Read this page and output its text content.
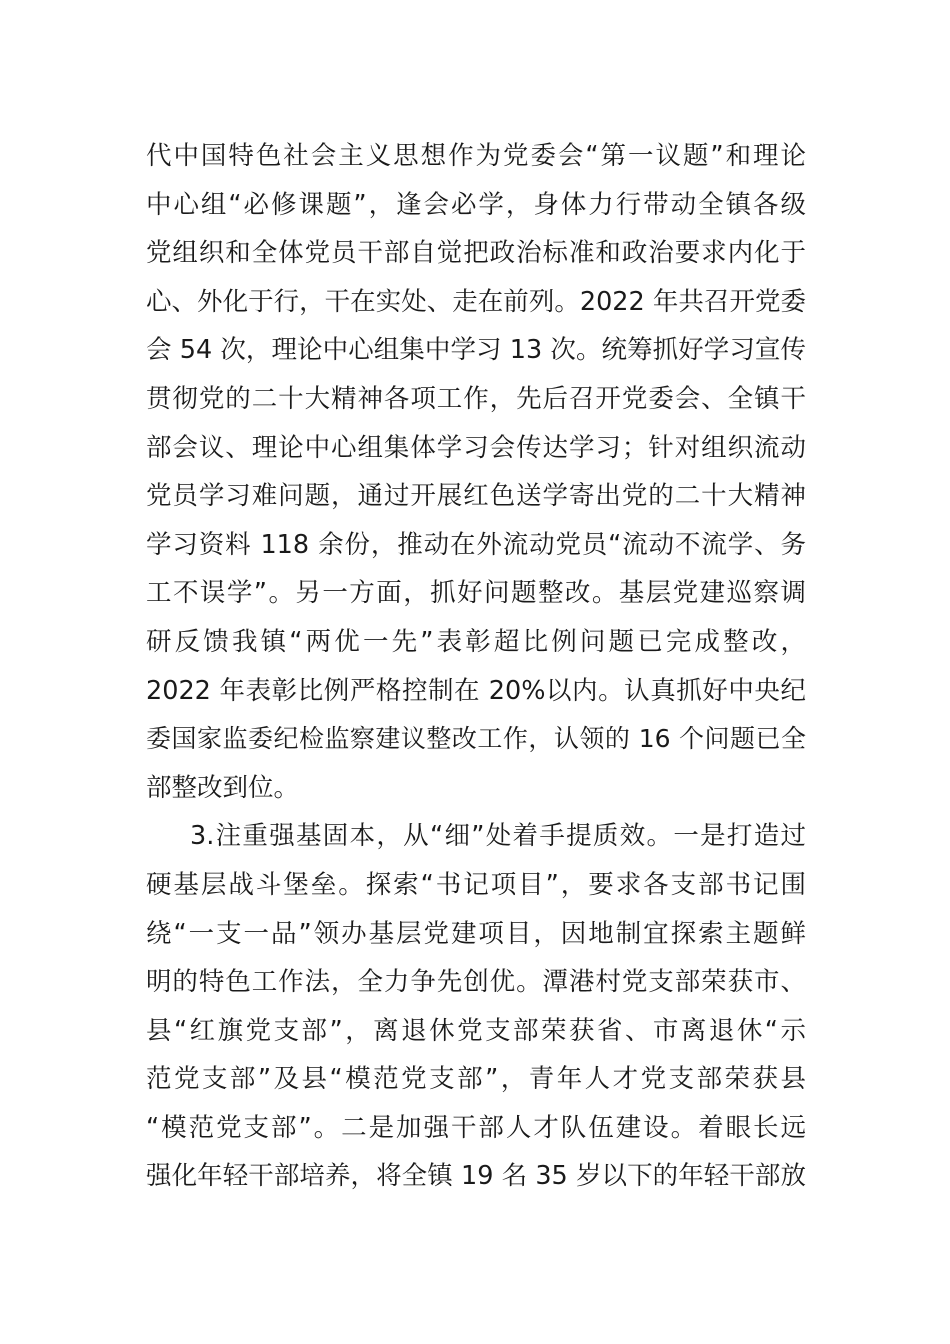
代中国特色社会主义思想作为党委会“第一议题”和理论
中心组“必修课题”，逢会必学，身体力行带动全镇各级
党组织和全体党员干部自觉把政治标准和政治要求内化于
心、外化于行，干在实处、走在前列。2022 年共召开党委
会 54 次，理论中心组集中学习 13 次。统筹抓好学习宣传
贯彻党的二十大精神各项工作，先后召开党委会、全镇干
部会议、理论中心组集体学习会传达学习；针对组织流动
党员学习难问题，通过开展红色送学寄出党的二十大精神
学习资料 118 余份，推动在外流动党员“流动不流学、务
工不误学”。另一方面，抓好问题整改。基层党建巡察调
研反馈我镇“两优一先”表彰超比例问题已完成整改，
2022 年表彰比例严格控制在 20%以内。认真抓好中央纪
委国家监委纪检监察建议整改工作，认领的 16 个问题已全
部整改到位。
3.注重强基固本，从“细”处着手提质效。一是打造过
硬基层战斗堡垒。探索“书记项目”，要求各支部书记围
绕“一支一品”领办基层党建项目，因地制宜探索主题鲜
明的特色工作法，全力争先创优。潭港村党支部荣获市、
县“红旗党支部”，离退休党支部荣获省、市离退休“示
范党支部”及县“模范党支部”，青年人才党支部荣获县
“模范党支部”。二是加强干部人才队伍建设。着眼长远
强化年轻干部培养，将全镇 19 名 35 岁以下的年轻干部放
